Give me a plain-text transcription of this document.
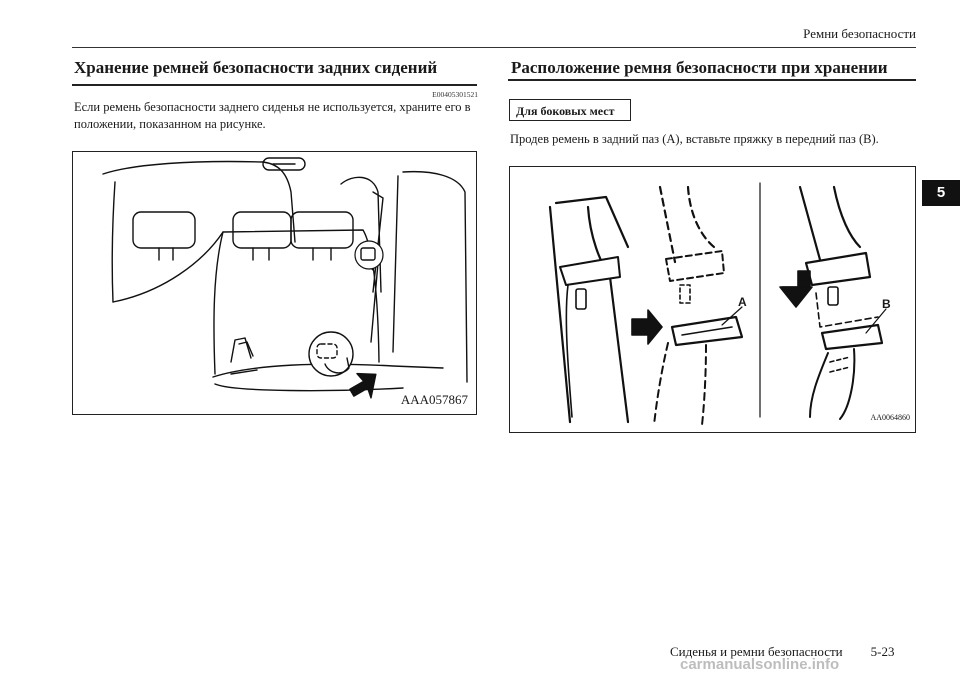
Ремни безопасности
Хранение ремней безопасности задних сидений
E00405301521
Если ремень безопасности заднего сиденья не используется, храните его в положении, показанном на рисунке.
Расположение ремня безопасности при хранении
Для боковых мест
Продев ремень в задний паз (А), вставьте пряжку в передний паз (В).
AAA057867
A	B
AA0064860
5
Сиденья и ремни безопасности 5-23
carmanualsonline.info
